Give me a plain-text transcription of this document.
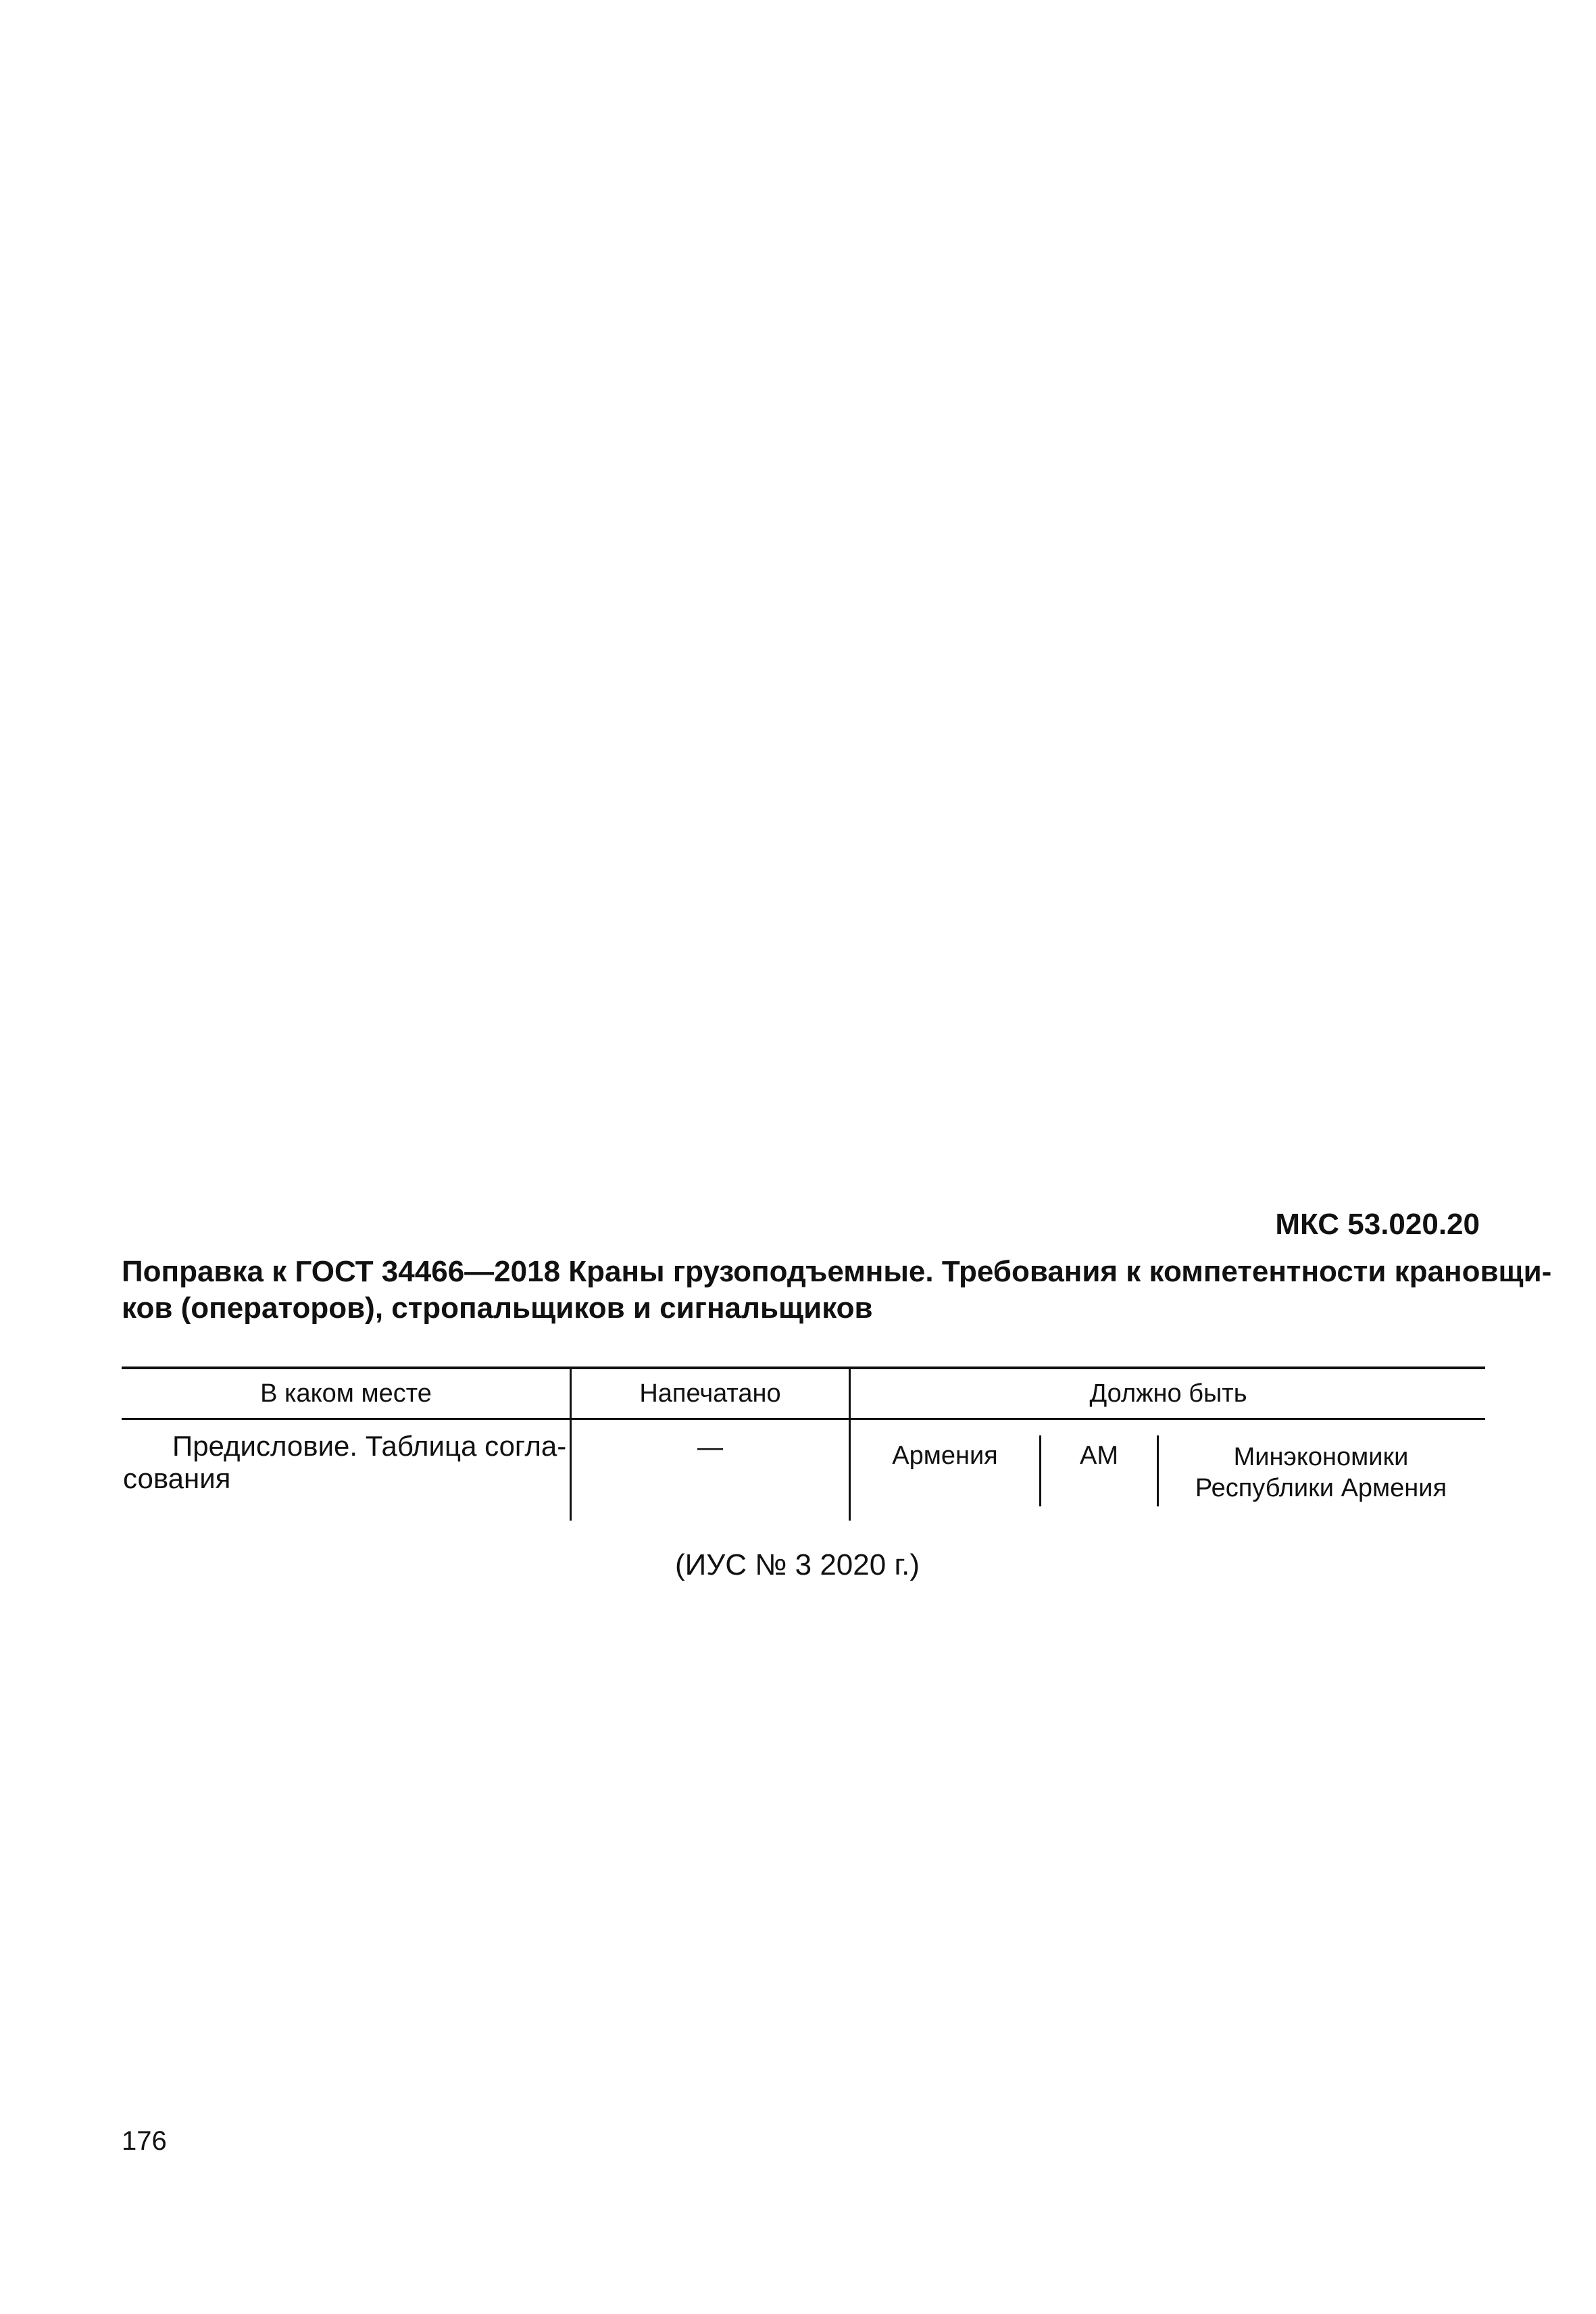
МКС 53.020.20
Поправка к ГОСТ 34466—2018 Краны грузоподъемные. Требования к компетентности крановщи-
ков (операторов), стропальщиков и сигнальщиков
В каком месте	Напечатано	Должно быть
Предисловие. Таблица согла-
сования
—	Армения	АМ	Минэкономики
Республики Армения
(ИУС № 3 2020 г.)
176
